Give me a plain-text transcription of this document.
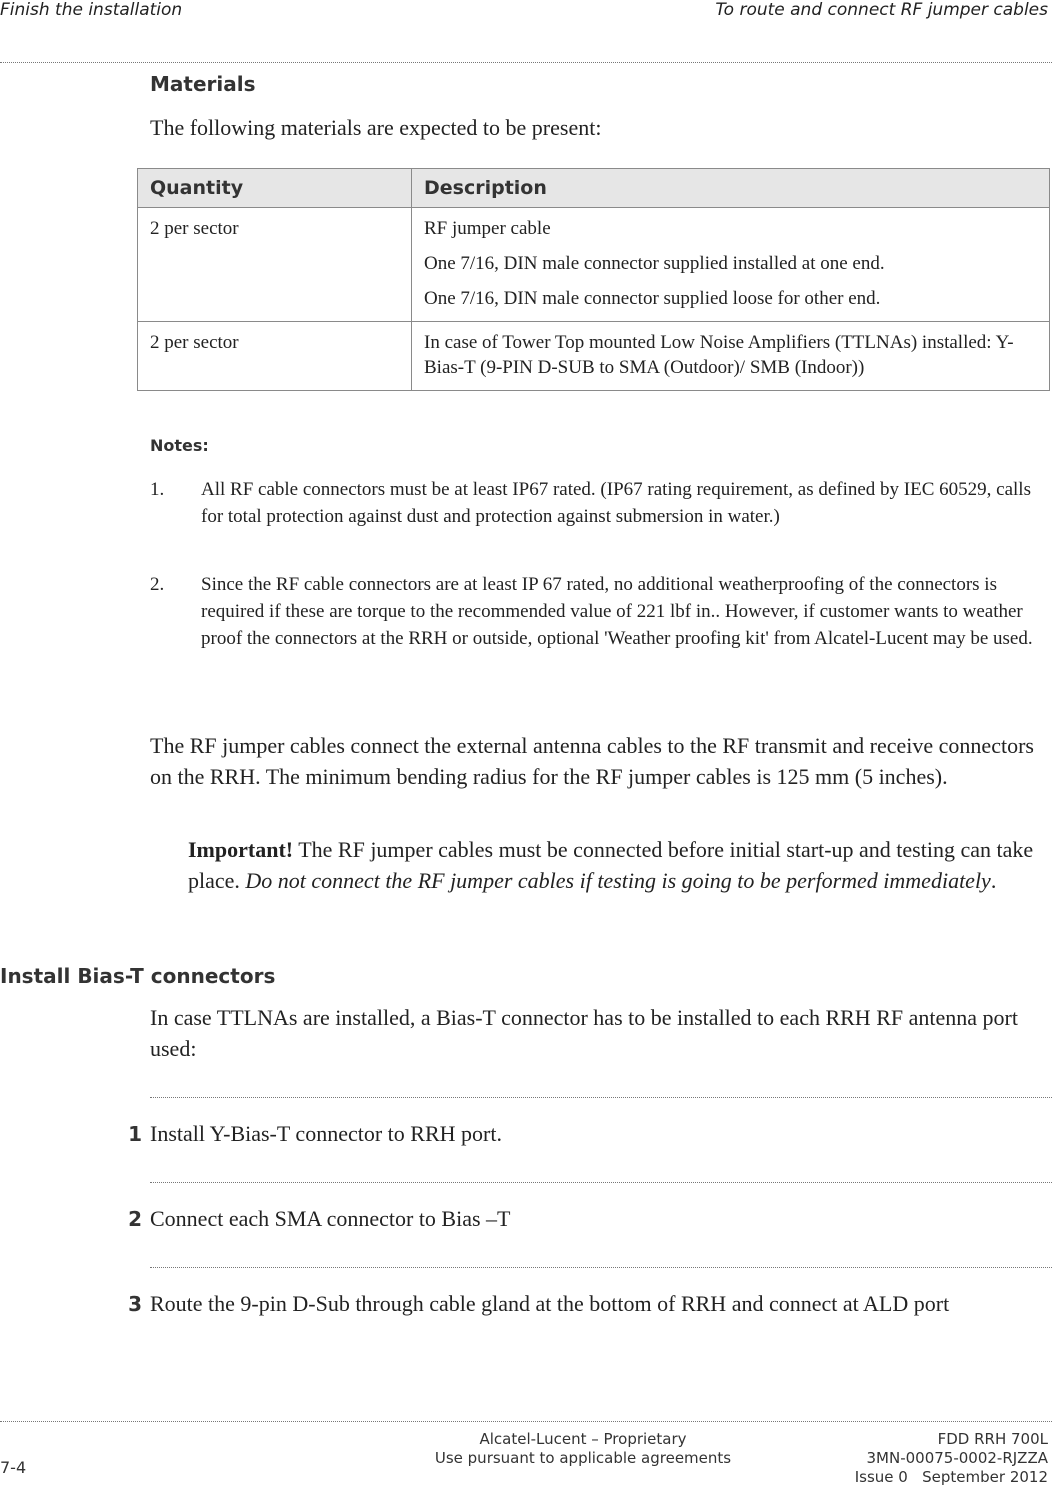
Finish the installation	To route and connect RF jumper cables
Materials
The following materials are expected to be present:
Quantity	Description
2 per sector	RF jumper cable

One 7/16, DIN male connector supplied installed at one end.

One 7/16, DIN male connector supplied loose for other end.

2 per sector	In case of Tower Top mounted Low Noise Amplifiers (TTLNAs) installed: Y-Bias-T (9-PIN D-SUB to SMA (Outdoor)/ SMB (Indoor))

Notes:
1. All RF cable connectors must be at least IP67 rated. (IP67 rating requirement, as defined by IEC 60529, calls for total protection against dust and protection against submersion in water.)
2. Since the RF cable connectors are at least IP 67 rated, no additional weatherproofing of the connectors is required if these are torque to the recommended value of 221 lbf in.. However, if customer wants to weather proof the connectors at the RRH or outside, optional 'Weather proofing kit' from Alcatel-Lucent may be used.
The RF jumper cables connect the external antenna cables to the RF transmit and receive connectors on the RRH. The minimum bending radius for the RF jumper cables is 125 mm (5 inches).
Important! The RF jumper cables must be connected before initial start-up and testing can take place. Do not connect the RF jumper cables if testing is going to be performed immediately.
Install Bias-T connectors
In case TTLNAs are installed, a Bias-T connector has to be installed to each RRH RF antenna port used:
1 Install Y-Bias-T connector to RRH port.
2 Connect each SMA connector to Bias –T
3 Route the 9-pin D-Sub through cable gland at the bottom of RRH and connect at ALD port
7-4
Alcatel-Lucent – Proprietary
Use pursuant to applicable agreements
FDD RRH 700L
3MN-00075-0002-RJZZA
Issue 0   September 2012
